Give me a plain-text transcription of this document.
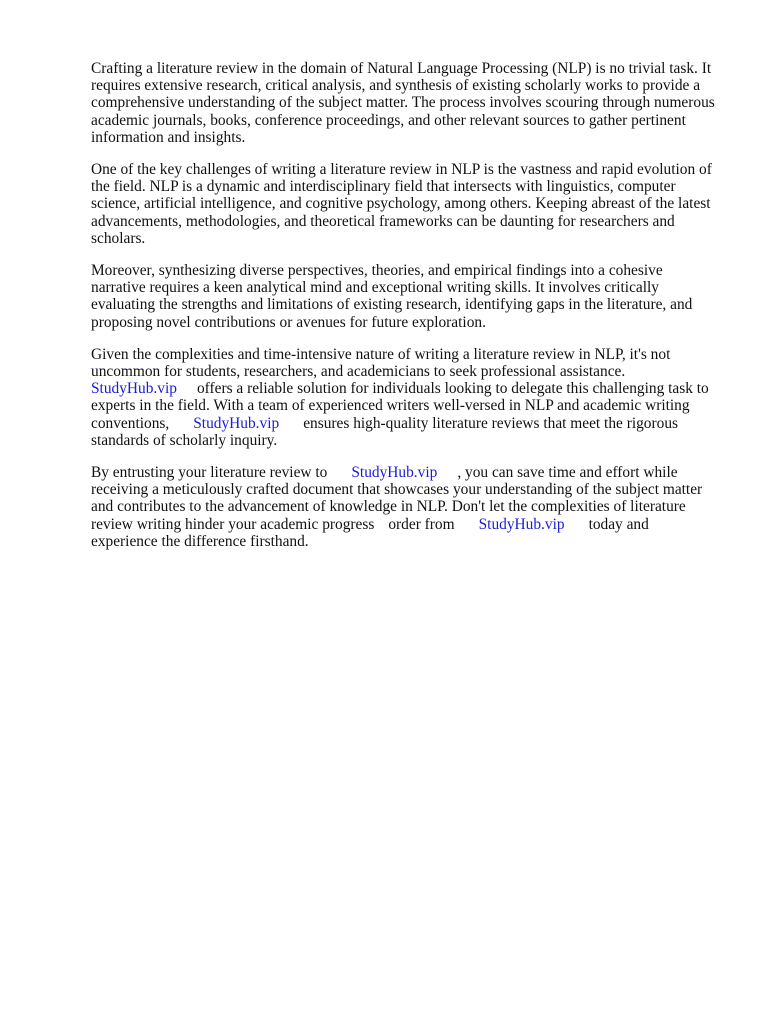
Crafting a literature review in the domain of Natural Language Processing (NLP) is no trivial task. It
requires extensive research, critical analysis, and synthesis of existing scholarly works to provide a
comprehensive understanding of the subject matter. The process involves scouring through numerous
academic journals, books, conference proceedings, and other relevant sources to gather pertinent
information and insights.

One of the key challenges of writing a literature review in NLP is the vastness and rapid evolution of
the field. NLP is a dynamic and interdisciplinary field that intersects with linguistics, computer
science, artificial intelligence, and cognitive psychology, among others. Keeping abreast of the latest
advancements, methodologies, and theoretical frameworks can be daunting for researchers and
scholars.

Moreover, synthesizing diverse perspectives, theories, and empirical findings into a cohesive
narrative requires a keen analytical mind and exceptional writing skills. It involves critically
evaluating the strengths and limitations of existing research, identifying gaps in the literature, and
proposing novel contributions or avenues for future exploration.

Given the complexities and time-intensive nature of writing a literature review in NLP, it's not
uncommon for students, researchers, and academicians to seek professional assistance.
StudyHub.vip offers a reliable solution for individuals looking to delegate this challenging task to
experts in the field. With a team of experienced writers well-versed in NLP and academic writing
conventions, StudyHub.vip ensures high-quality literature reviews that meet the rigorous
standards of scholarly inquiry.

By entrusting your literature review to StudyHub.vip , you can save time and effort while
receiving a meticulously crafted document that showcases your understanding of the subject matter
and contributes to the advancement of knowledge in NLP. Don't let the complexities of literature
review writing hinder your academic progress order from StudyHub.vip today and
experience the difference firsthand.
